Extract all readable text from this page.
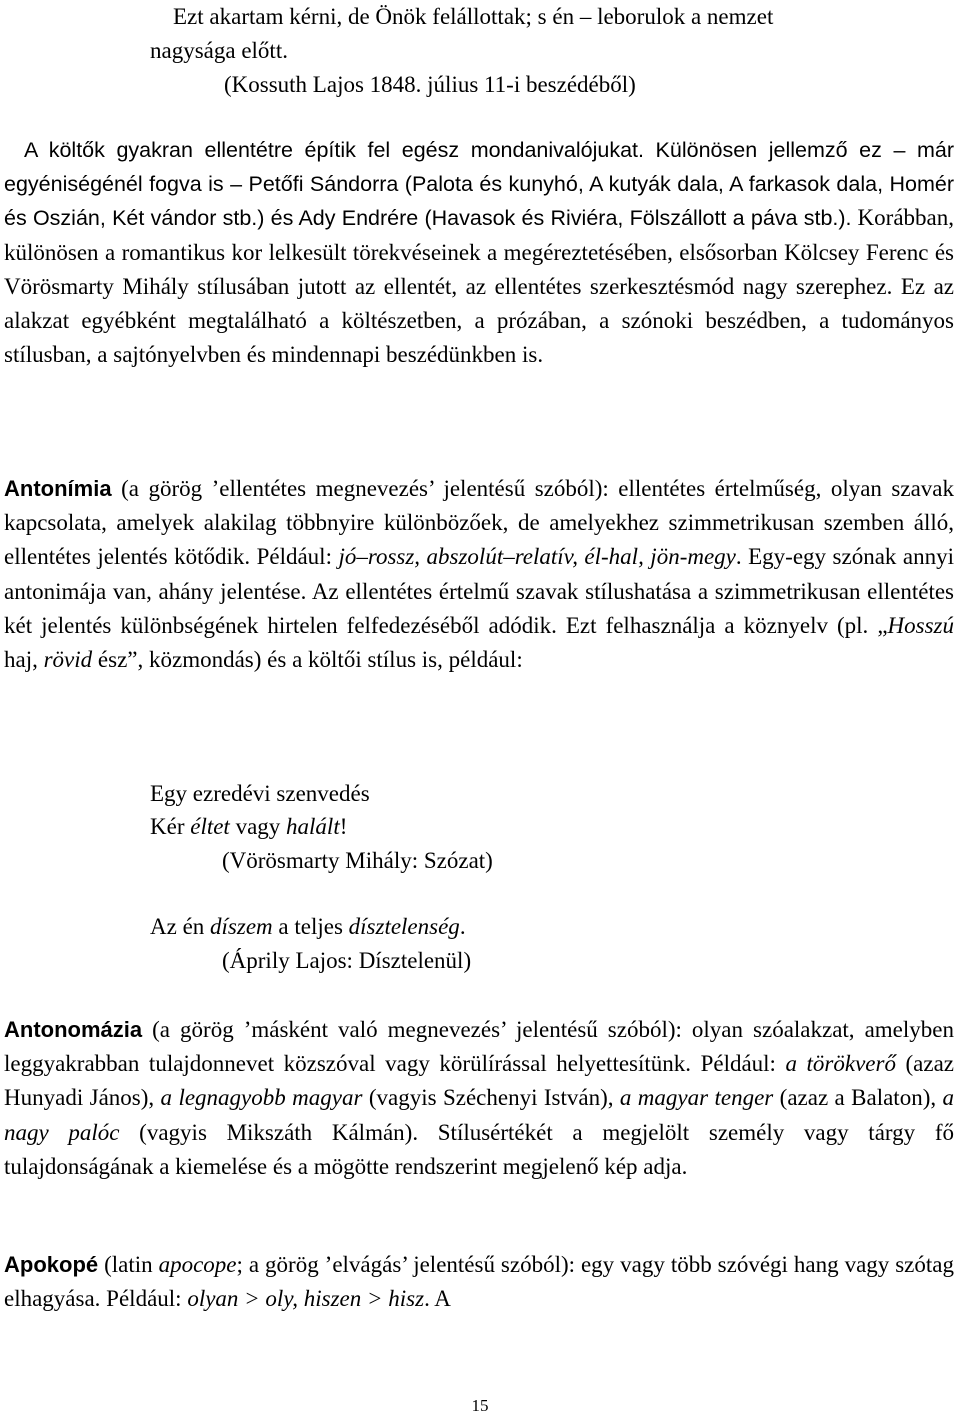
Ezt akartam kérni, de Önök felállottak; s én – leborulok a nemzet
nagysága előtt.
(Kossuth Lajos 1848. július 11-i beszédéből)

A költők gyakran ellentétre építik fel egész mondanivalójukat. Különösen jellemző ez – már egyéniségénél fogva is – Petőfi Sándorra (Palota és kunyhó, A kutyák dala, A farkasok dala, Homér és Oszián, Két vándor stb.) és Ady Endrére (Havasok és Riviéra, Fölszállott a páva stb.). Korábban, különösen a romantikus kor lelkesült törekvéseinek a megéreztetésében, elsősorban Kölcsey Ferenc és Vörösmarty Mihály stílusában jutott az ellentét, az ellentétes szerkesztésmód nagy szerephez. Ez az alakzat egyébként megtalálható a költészetben, a prózában, a szónoki beszédben, a tudományos stílusban, a sajtónyelvben és mindennapi beszédünkben is.

Antonímia (a görög ’ellentétes megnevezés’ jelentésű szóból): ellentétes értelműség, olyan szavak kapcsolata, amelyek alakilag többnyire különbözőek, de amelyekhez szimmetrikusan szemben álló, ellentétes jelentés kötődik. Például: jó–rossz, abszolút–relatív, él-hal, jön-megy. Egy-egy szónak annyi antonimája van, ahány jelentése. Az ellentétes értelmű szavak stílushatása a szimmetrikusan ellentétes két jelentés különbségének hirtelen felfedezéséből adódik. Ezt felhasználja a köznyelv (pl. „Hosszú haj, rövid ész”, közmondás) és a költői stílus is, például:

Egy ezredévi szenvedés
Kér éltet vagy halált!
(Vörösmarty Mihály: Szózat)
Az én díszem a teljes dísztelenség.
(Áprily Lajos: Dísztelenül)

Antonomázia (a görög ’másként való megnevezés’ jelentésű szóból): olyan szóalakzat, amelyben leggyakrabban tulajdonnevet közszóval vagy körülírással helyettesítünk. Például: a törökverő (azaz Hunyadi János), a legnagyobb magyar (vagyis Széchenyi István), a magyar tenger (azaz a Balaton), a nagy palóc (vagyis Mikszáth Kálmán). Stílusértékét a megjelölt személy vagy tárgy fő tulajdonságának a kiemelése és a mögötte rendszerint megjelenő kép adja.

Apokopé (latin apocope; a görög ’elvágás’ jelentésű szóból): egy vagy több szóvégi hang vagy szótag elhagyása. Például: olyan > oly, hiszen > hisz. A

15
